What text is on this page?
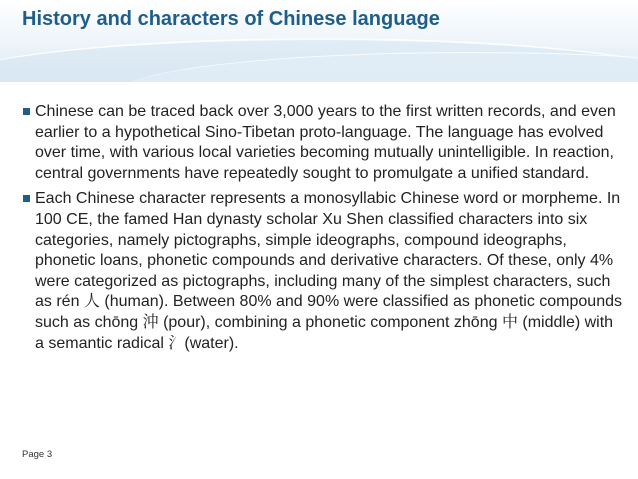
History and characters of Chinese language
Chinese can be traced back over 3,000 years to the first written records, and even earlier to a hypothetical Sino-Tibetan proto-language. The language has evolved over time, with various local varieties becoming mutually unintelligible. In reaction, central governments have repeatedly sought to promulgate a unified standard.
Each Chinese character represents a monosyllabic Chinese word or morpheme. In 100 CE, the famed Han dynasty scholar Xu Shen classified characters into six categories, namely pictographs, simple ideographs, compound ideographs, phonetic loans, phonetic compounds and derivative characters. Of these, only 4% were categorized as pictographs, including many of the simplest characters, such as rén 人 (human). Between 80% and 90% were classified as phonetic compounds such as chōng 沖 (pour), combining a phonetic component zhōng 中 (middle) with a semantic radical 氵(water).
Page 3
